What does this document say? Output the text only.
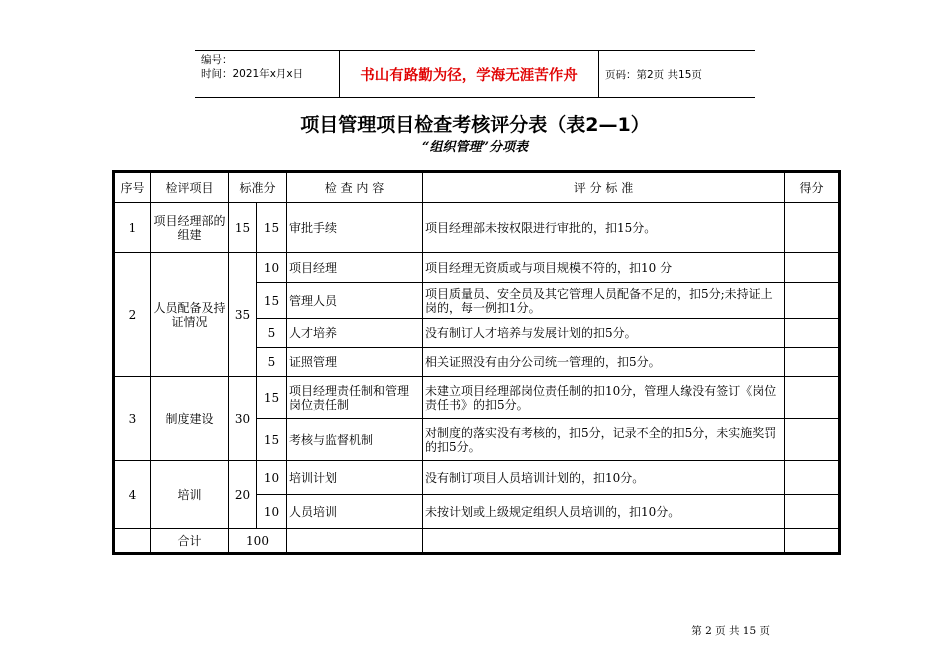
编号：
时间：2021年x月x日	书山有路勤为径，学海无涯苦作舟	页码：第2页 共15页
项目管理项目检查考核评分表（表2—1）
“组织管理”分项表
序号	检评项目	标准分		检 查 内 容	评 分 标 准	得分
1	项目经理部的组建	15	15	审批手续	项目经理部未按权限进行审批的，扣15分。	
2	人员配备及持证情况	35	10	项目经理	项目经理无资质或与项目规模不符的，扣10 分	
			15	管理人员	项目质量员、安全员及其它管理人员配备不足的，扣5分;未持证上岗的，每一例扣1分。	
			5	人才培养	没有制订人才培养与发展计划的扣5分。	
			5	证照管理	相关证照没有由分公司统一管理的，扣5分。	
3	制度建设	30	15	项目经理责任制和管理岗位责任制	未建立项目经理部岗位责任制的扣10分，管理人缘没有签订《岗位责任书》的扣5分。	
			15	考核与监督机制	对制度的落实没有考核的，扣5分，记录不全的扣5分，未实施奖罚的扣5分。	
4	培训	20	10	培训计划	没有制订项目人员培训计划的，扣10分。	
			10	人员培训	未按计划或上级规定组织人员培训的，扣10分。	
	合计	100				
第 2 页 共 15 页
